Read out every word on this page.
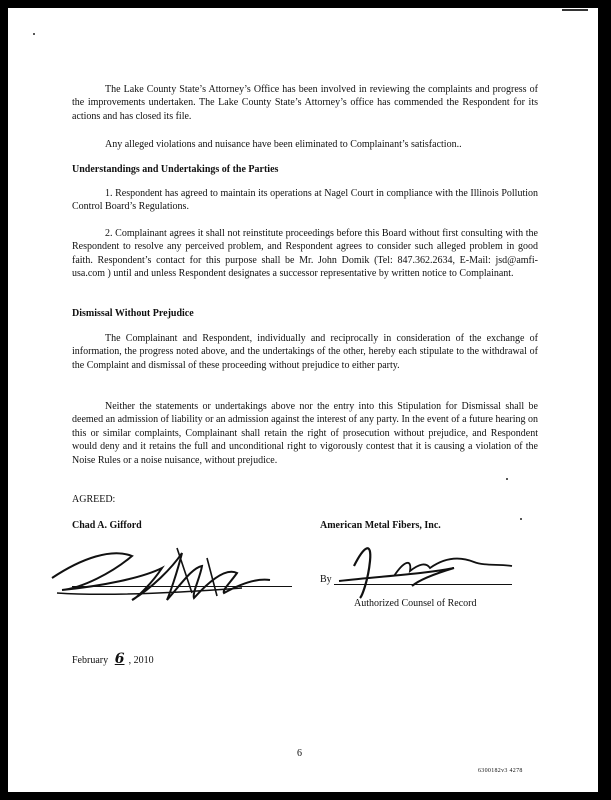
The Lake County State’s Attorney’s Office has been involved in reviewing the complaints and progress of the improvements undertaken. The Lake County State’s Attorney’s office has commended the Respondent for its actions and has closed its file.

Any alleged violations and nuisance have been eliminated to Complainant’s satisfaction..

Understandings and Undertakings of the Parties

1. Respondent has agreed to maintain its operations at Nagel Court in compliance with the Illinois Pollution Control Board’s Regulations.

2. Complainant agrees it shall not reinstitute proceedings before this Board without first consulting with the Respondent to resolve any perceived problem, and Respondent agrees to consider such alleged problem in good faith. Respondent’s contact for this purpose shall be Mr. John Domik (Tel: 847.362.2634, E-Mail: jsd@amfi-usa.com ) until and unless Respondent designates a successor representative by written notice to Complainant.

Dismissal Without Prejudice

The Complainant and Respondent, individually and reciprocally in consideration of the exchange of information, the progress noted above, and the undertakings of the other, hereby each stipulate to the withdrawal of the Complaint and dismissal of these proceeding without prejudice to either party.

Neither the statements or undertakings above nor the entry into this Stipulation for Dismissal shall be deemed an admission of liability or an admission against the interest of any party. In the event of a future hearing on this or similar complaints, Complainant shall retain the right of prosecution without prejudice, and Respondent would deny and it retains the full and unconditional right to vigorously contest that it is causing a violation of the Noise Rules or a noise nuisance, without prejudice.

AGREED:

Chad A. Gifford	American Metal Fibers, Inc.
By
Authorized Counsel of Record
February 6 , 2010
6
6300182v3 4278
